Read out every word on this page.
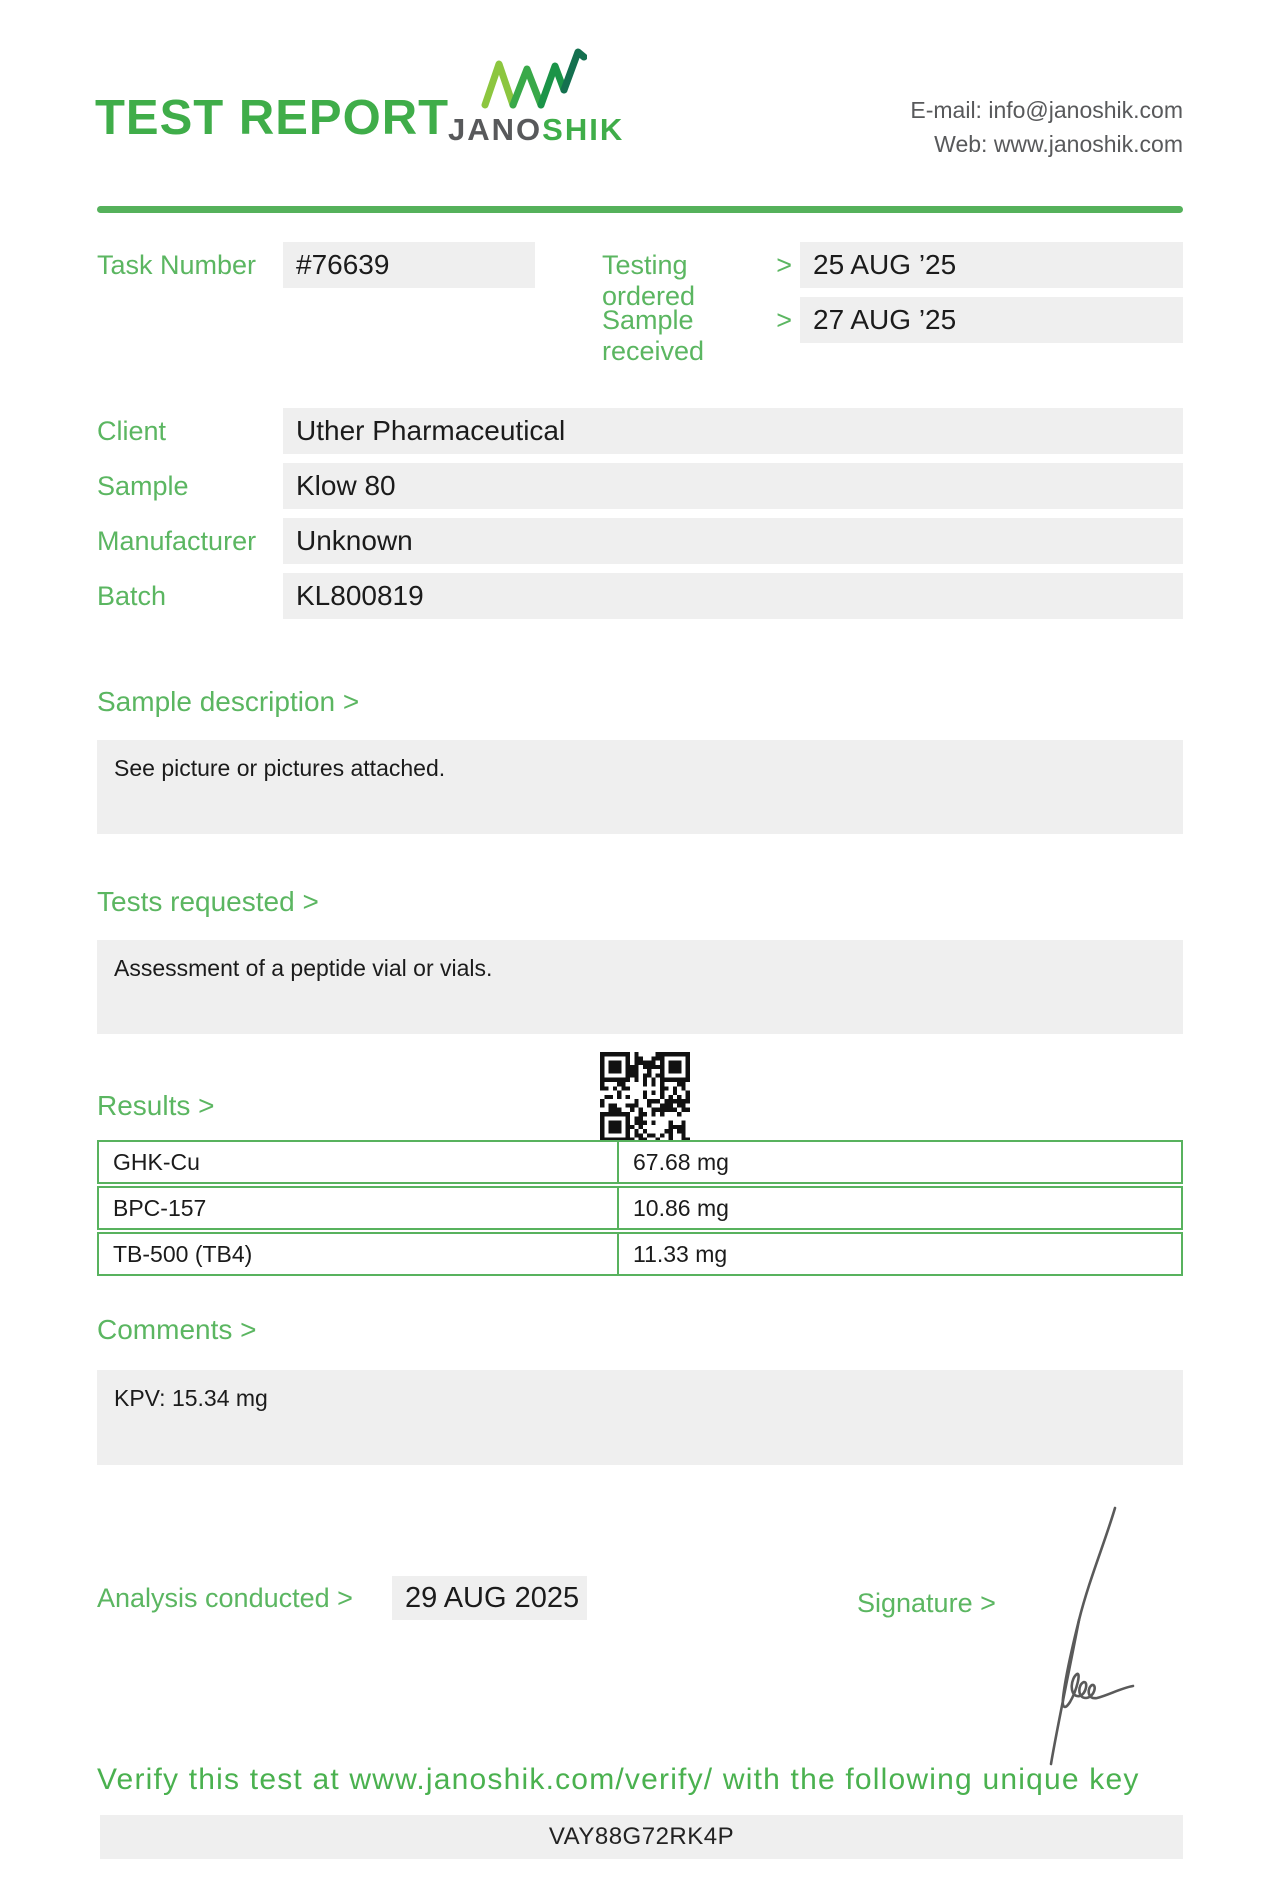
TEST REPORT
JANOSHIK
E-mail: info@janoshik.com
Web: www.janoshik.com
Task Number	#76639	Testing ordered
> 25 AUG ’25
Sample received
> 27 AUG ’25
Client	Uther Pharmaceutical
Sample	Klow 80
Manufacturer	Unknown
Batch	KL800819
Sample description >
See picture or pictures attached.
Tests requested >
Assessment of a peptide vial or vials.
Results >
GHK-Cu	67.68 mg
BPC-157	10.86 mg
TB-500 (TB4)	11.33 mg
Comments >
KPV: 15.34 mg
Analysis conducted >	29 AUG 2025	Signature >
Verify this test at www.janoshik.com/verify/ with the following unique key
VAY88G72RK4P
